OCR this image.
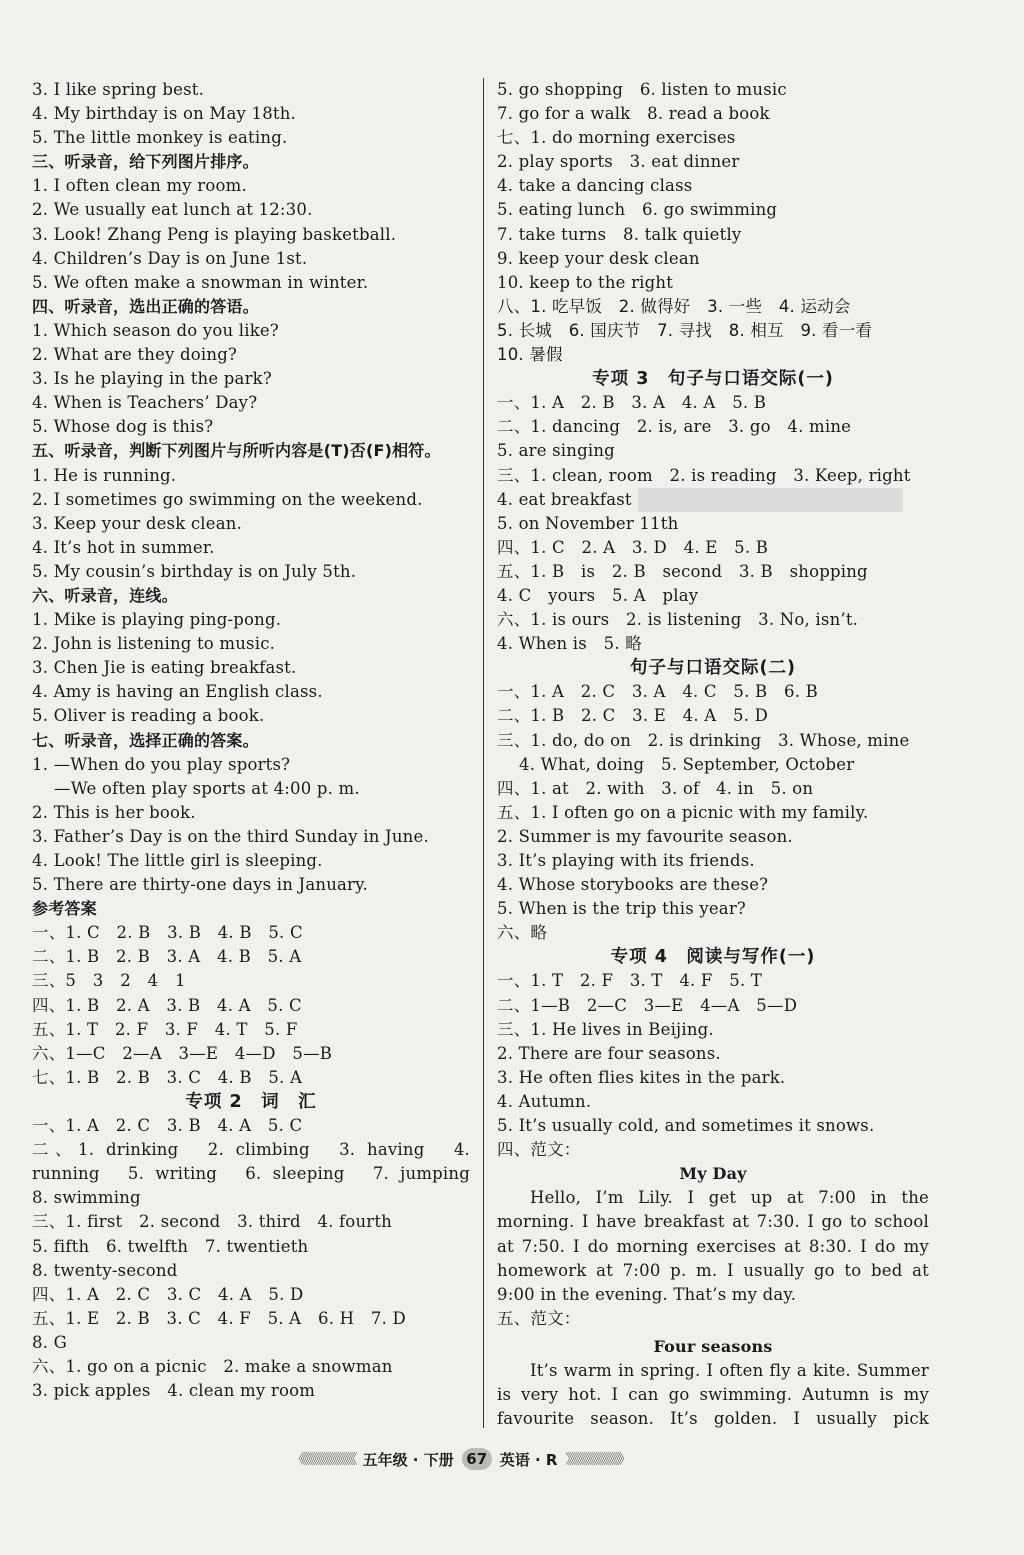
3. I like spring best.
4. My birthday is on May 18th.
5. The little monkey is eating.
三、听录音，给下列图片排序。
1. I often clean my room.
2. We usually eat lunch at 12:30.
3. Look! Zhang Peng is playing basketball.
4. Children’s Day is on June 1st.
5. We often make a snowman in winter.
四、听录音，选出正确的答语。
1. Which season do you like?
2. What are they doing?
3. Is he playing in the park?
4. When is Teachers’ Day?
5. Whose dog is this?
五、听录音，判断下列图片与所听内容是(T)否(F)相符。
1. He is running.
2. I sometimes go swimming on the weekend.
3. Keep your desk clean.
4. It’s hot in summer.
5. My cousin’s birthday is on July 5th.
六、听录音，连线。
1. Mike is playing ping-pong.
2. John is listening to music.
3. Chen Jie is eating breakfast.
4. Amy is having an English class.
5. Oliver is reading a book.
七、听录音，选择正确的答案。
1. —When do you play sports?
—We often play sports at 4:00 p. m.
2. This is her book.
3. Father’s Day is on the third Sunday in June.
4. Look! The little girl is sleeping.
5. There are thirty-one days in January.
参考答案
一、1. C　2. B　3. B　4. B　5. C
二、1. B　2. B　3. A　4. B　5. A
三、5　3　2　4　1
四、1. B　2. A　3. B　4. A　5. C
五、1. T　2. F　3. F　4. T　5. F
六、1—C　2—A　3—E　4—D　5—B
七、1. B　2. B　3. C　4. B　5. A
专项 2　词　汇
一、1. A　2. C　3. B　4. A　5. C
二、1. drinking　2. climbing　3. having　4. running　5. writing　6. sleeping　7. jumping
8. swimming
三、1. first　2. second　3. third　4. fourth
5. fifth　6. twelfth　7. twentieth
8. twenty-second
四、1. A　2. C　3. C　4. A　5. D
五、1. E　2. B　3. C　4. F　5. A　6. H　7. D
8. G
六、1. go on a picnic　2. make a snowman
3. pick apples　4. clean my room
5. go shopping　6. listen to music
7. go for a walk　8. read a book
七、1. do morning exercises
2. play sports　3. eat dinner
4. take a dancing class
5. eating lunch　6. go swimming
7. take turns　8. talk quietly
9. keep your desk clean
10. keep to the right
八、1. 吃早饭　2. 做得好　3. 一些　4. 运动会
5. 长城　6. 国庆节　7. 寻找　8. 相互　9. 看一看
10. 暑假
专项 3　句子与口语交际(一)
一、1. A　2. B　3. A　4. A　5. B
二、1. dancing　2. is, are　3. go　4. mine
5. are singing
三、1. clean, room　2. is reading　3. Keep, right
4. eat breakfast
5. on November 11th
四、1. C　2. A　3. D　4. E　5. B
五、1. B　is　2. B　second　3. B　shopping
4. C　yours　5. A　play
六、1. is ours　2. is listening　3. No, isn’t.
4. When is　5. 略
句子与口语交际(二)
一、1. A　2. C　3. A　4. C　5. B　6. B
二、1. B　2. C　3. E　4. A　5. D
三、1. do, do on　2. is drinking　3. Whose, mine
4. What, doing　5. September, October
四、1. at　2. with　3. of　4. in　5. on
五、1. I often go on a picnic with my family.
2. Summer is my favourite season.
3. It’s playing with its friends.
4. Whose storybooks are these?
5. When is the trip this year?
六、略
专项 4　阅读与写作(一)
一、1. T　2. F　3. T　4. F　5. T
二、1—B　2—C　3—E　4—A　5—D
三、1. He lives in Beijing.
2. There are four seasons.
3. He often flies kites in the park.
4. Autumn.
5. It’s usually cold, and sometimes it snows.
四、范文：
My Day
Hello, I’m Lily. I get up at 7:00 in the morning. I have breakfast at 7:30. I go to school at 7:50. I do morning exercises at 8:30. I do my homework at 7:00 p. m. I usually go to bed at 9:00 in the evening. That’s my day.
五、范文：
Four seasons
It’s warm in spring. I often fly a kite. Summer is very hot. I can go swimming. Autumn is my favourite season. It’s golden. I usually pick
《《《《《《《《《《《《《《 五年级 · 下册 67 英语 · R 》》》》》》》》》》》》》》
